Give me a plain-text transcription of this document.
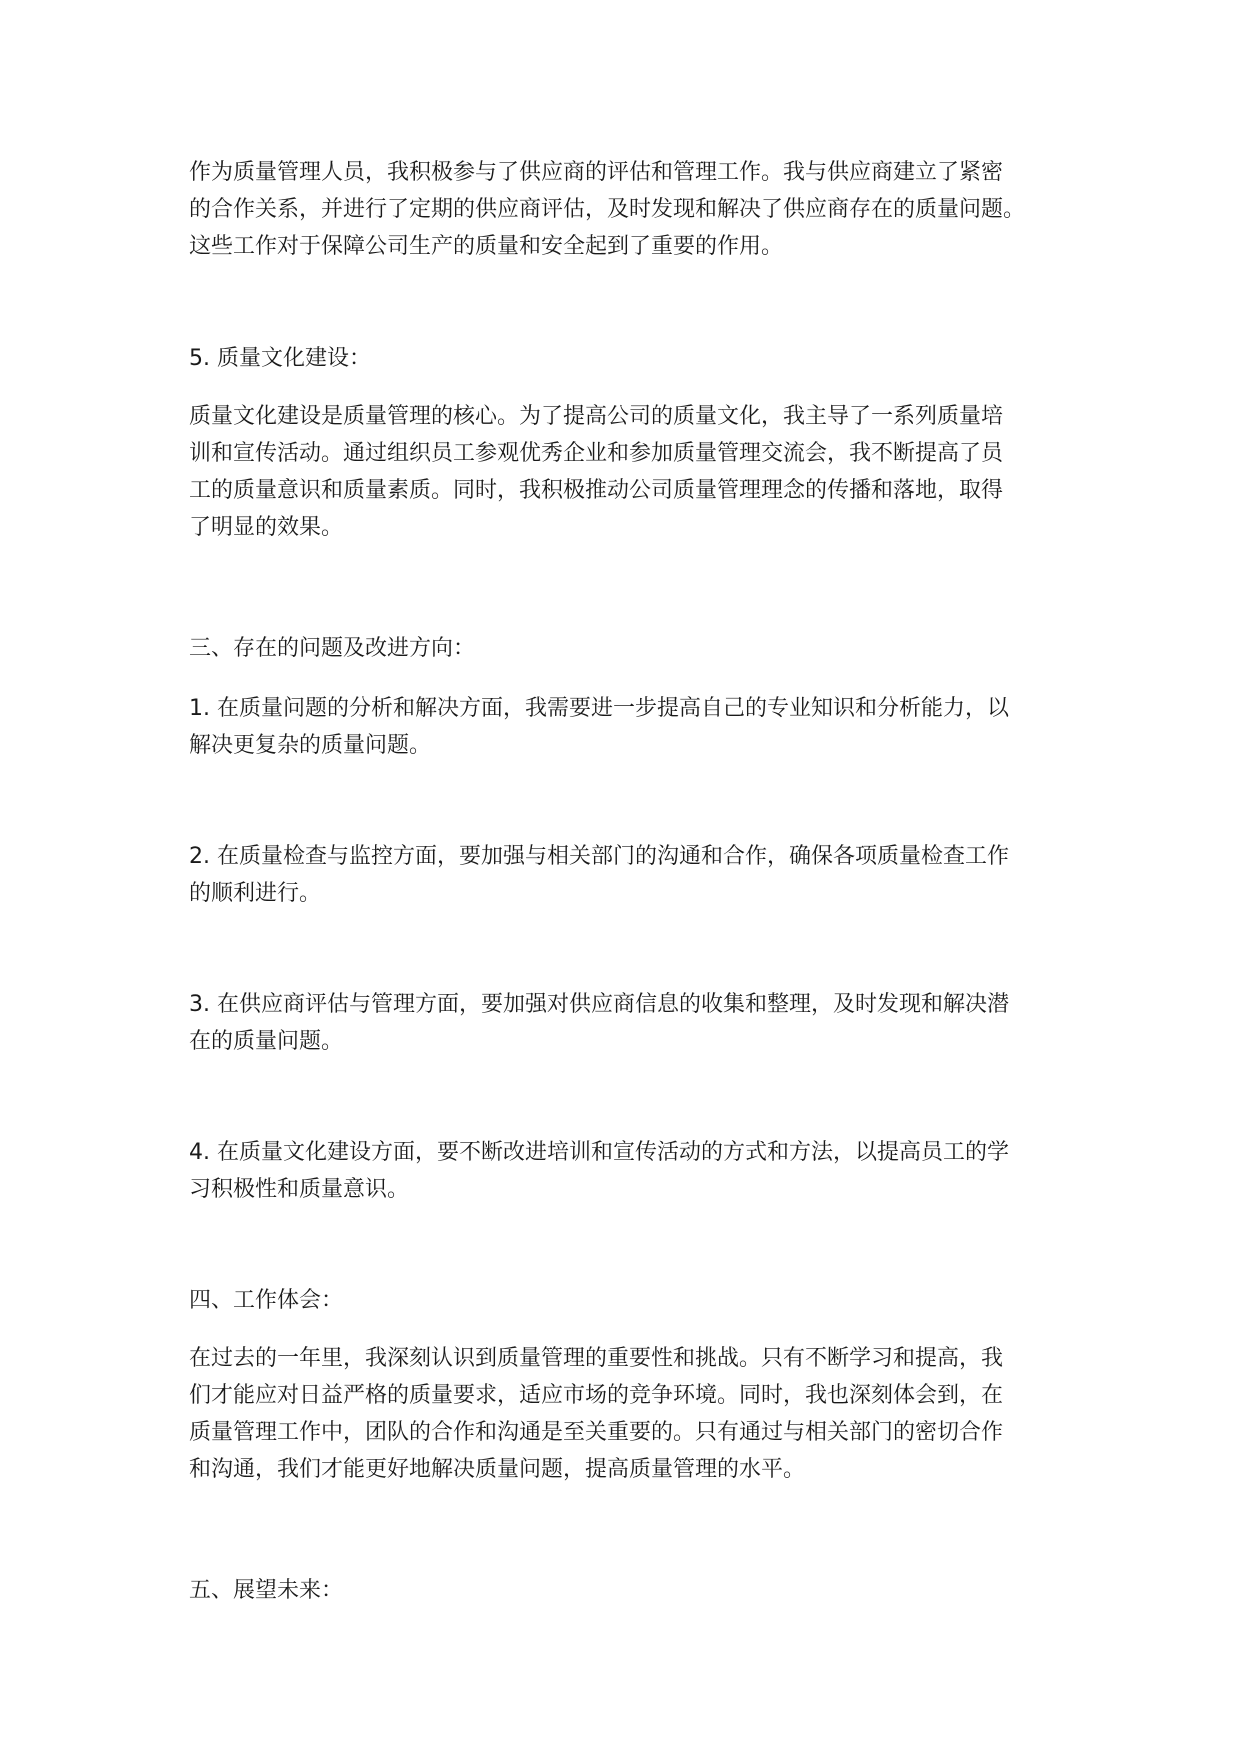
作为质量管理人员，我积极参与了供应商的评估和管理工作。我与供应商建立了紧密
的合作关系，并进行了定期的供应商评估，及时发现和解决了供应商存在的质量问题。
这些工作对于保障公司生产的质量和安全起到了重要的作用。
5. 质量文化建设：
质量文化建设是质量管理的核心。为了提高公司的质量文化，我主导了一系列质量培
训和宣传活动。通过组织员工参观优秀企业和参加质量管理交流会，我不断提高了员
工的质量意识和质量素质。同时，我积极推动公司质量管理理念的传播和落地，取得
了明显的效果。
三、存在的问题及改进方向：
1. 在质量问题的分析和解决方面，我需要进一步提高自己的专业知识和分析能力，以
解决更复杂的质量问题。
2. 在质量检查与监控方面，要加强与相关部门的沟通和合作，确保各项质量检查工作
的顺利进行。
3. 在供应商评估与管理方面，要加强对供应商信息的收集和整理，及时发现和解决潜
在的质量问题。
4. 在质量文化建设方面，要不断改进培训和宣传活动的方式和方法，以提高员工的学
习积极性和质量意识。
四、工作体会：
在过去的一年里，我深刻认识到质量管理的重要性和挑战。只有不断学习和提高，我
们才能应对日益严格的质量要求，适应市场的竞争环境。同时，我也深刻体会到，在
质量管理工作中，团队的合作和沟通是至关重要的。只有通过与相关部门的密切合作
和沟通，我们才能更好地解决质量问题，提高质量管理的水平。
五、展望未来：
